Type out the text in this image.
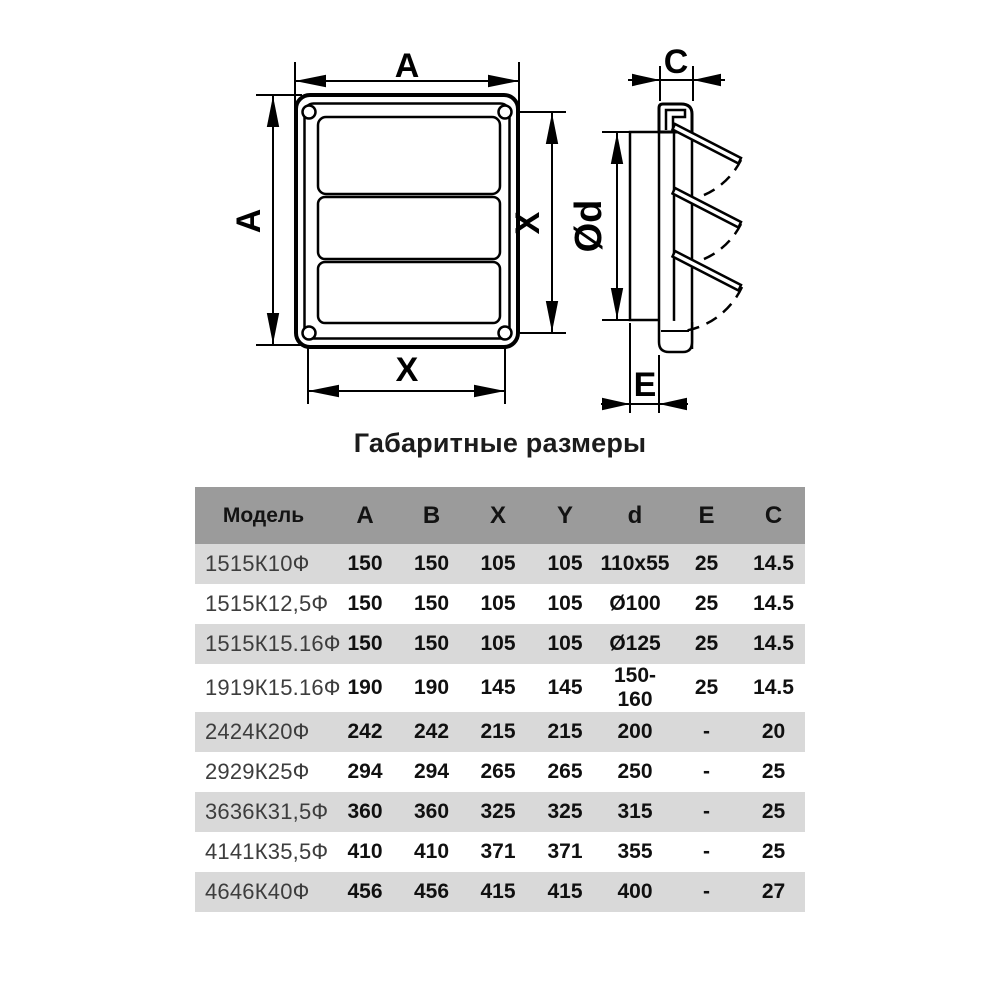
A
A	X
X
C
Ød
E
Габаритные размеры
Модель	A	B	X	Y	d	E	C
1515К10Ф	150	150	105	105	110x55	25	14.5
1515К12,5Ф	150	150	105	105	Ø100	25	14.5
1515К15.16Ф	150	150	105	105	Ø125	25	14.5
1919К15.16Ф	190	190	145	145	150-160	25	14.5
2424К20Ф	242	242	215	215	200	-	20
2929К25Ф	294	294	265	265	250	-	25
3636К31,5Ф	360	360	325	325	315	-	25
4141К35,5Ф	410	410	371	371	355	-	25
4646К40Ф	456	456	415	415	400	-	27
